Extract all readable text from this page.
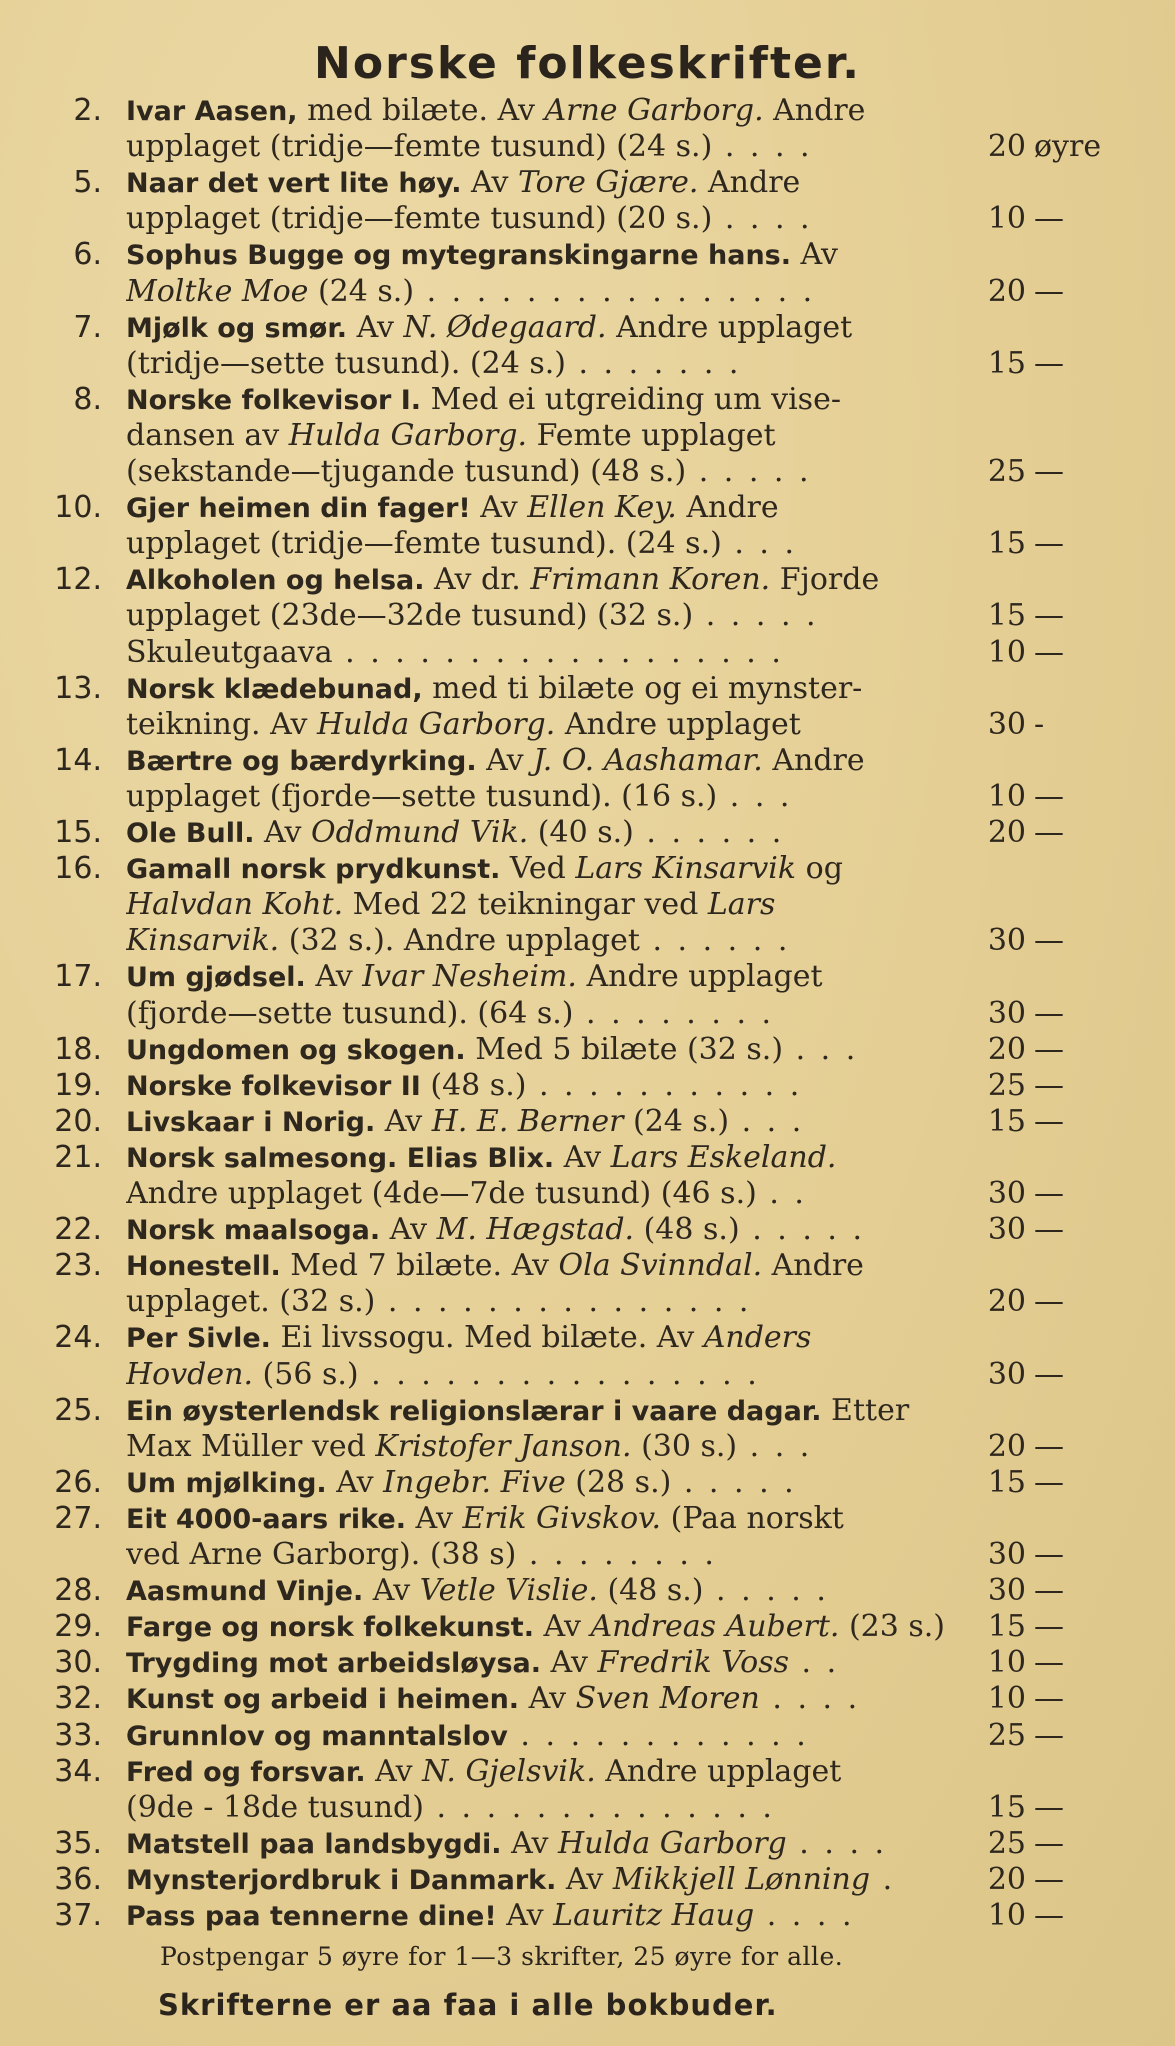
Norske folkeskrifter.
2. Ivar Aasen, med bilæte. Av Arne Garborg. Andre
upplaget (tridje—femte tusund) (24 s.) . . . .	20 øyre
5. Naar det vert lite høy. Av Tore Gjære. Andre
upplaget (tridje—femte tusund) (20 s.) . . . .	10 —
6. Sophus Bugge og mytegranskingarne hans. Av
Moltke Moe (24 s.) . . . . . . . . . . . . . . . .	20 —
7. Mjølk og smør. Av N. Ødegaard. Andre upplaget
(tridje—sette tusund). (24 s.) . . . . . . .	15 —
8. Norske folkevisor I. Med ei utgreiding um vise-
dansen av Hulda Garborg. Femte upplaget
(sekstande—tjugande tusund) (48 s.) . . . . .	25 —
10. Gjer heimen din fager! Av Ellen Key. Andre
upplaget (tridje—femte tusund). (24 s.) . . .	15 —
12. Alkoholen og helsa. Av dr. Frimann Koren. Fjorde
upplaget (23de—32de tusund) (32 s.) . . . . .	15 —
Skuleutgaava . . . . . . . . . . . . . . . . . .	10 —
13. Norsk klædebunad, med ti bilæte og ei mynster-
teikning. Av Hulda Garborg. Andre upplaget	30 -
14. Bærtre og bærdyrking. Av J. O. Aashamar. Andre
upplaget (fjorde—sette tusund). (16 s.) . . .	10 —
15. Ole Bull. Av Oddmund Vik. (40 s.) . . . . . .	20 —
16. Gamall norsk prydkunst. Ved Lars Kinsarvik og
Halvdan Koht. Med 22 teikningar ved Lars
Kinsarvik. (32 s.). Andre upplaget . . . . . .	30 —
17. Um gjødsel. Av Ivar Nesheim. Andre upplaget
(fjorde—sette tusund). (64 s.) . . . . . . . .	30 —
18. Ungdomen og skogen. Med 5 bilæte (32 s.) . . .	20 —
19. Norske folkevisor II (48 s.) . . . . . . . . . . .	25 —
20. Livskaar i Norig. Av H. E. Berner (24 s.) . . .	15 —
21. Norsk salmesong. Elias Blix. Av Lars Eskeland.
Andre upplaget (4de—7de tusund) (46 s.) . .	30 —
22. Norsk maalsoga. Av M. Hægstad. (48 s.) . . . . .	30 —
23. Honestell. Med 7 bilæte. Av Ola Svinndal. Andre
upplaget. (32 s.) . . . . . . . . . . . . . . .	20 —
24. Per Sivle. Ei livssogu. Med bilæte. Av Anders
Hovden. (56 s.) . . . . . . . . . . . . . . . .	30 —
25. Ein øysterlendsk religionslærar i vaare dagar. Etter
Max Müller ved Kristofer Janson. (30 s.) . . .	20 —
26. Um mjølking. Av Ingebr. Five (28 s.) . . . . .	15 —
27. Eit 4000-aars rike. Av Erik Givskov. (Paa norskt
ved Arne Garborg). (38 s) . . . . . . . .	30 —
28. Aasmund Vinje. Av Vetle Vislie. (48 s.) . . . . .	30 —
29. Farge og norsk folkekunst. Av Andreas Aubert. (23 s.)	15 —
30. Trygding mot arbeidsløysa. Av Fredrik Voss . .	10 —
32. Kunst og arbeid i heimen. Av Sven Moren . . . .	10 —
33. Grunnlov og manntalslov . . . . . . . . . . . .	25 —
34. Fred og forsvar. Av N. Gjelsvik. Andre upplaget
(9de - 18de tusund) . . . . . . . . . . . . . .	15 —
35. Matstell paa landsbygdi. Av Hulda Garborg . . . .	25 —
36. Mynsterjordbruk i Danmark. Av Mikkjell Lønning .	20 —
37. Pass paa tennerne dine! Av Lauritz Haug . . . .	10 —
Postpengar 5 øyre for 1—3 skrifter, 25 øyre for alle.
Skrifterne er aa faa i alle bokbuder.
